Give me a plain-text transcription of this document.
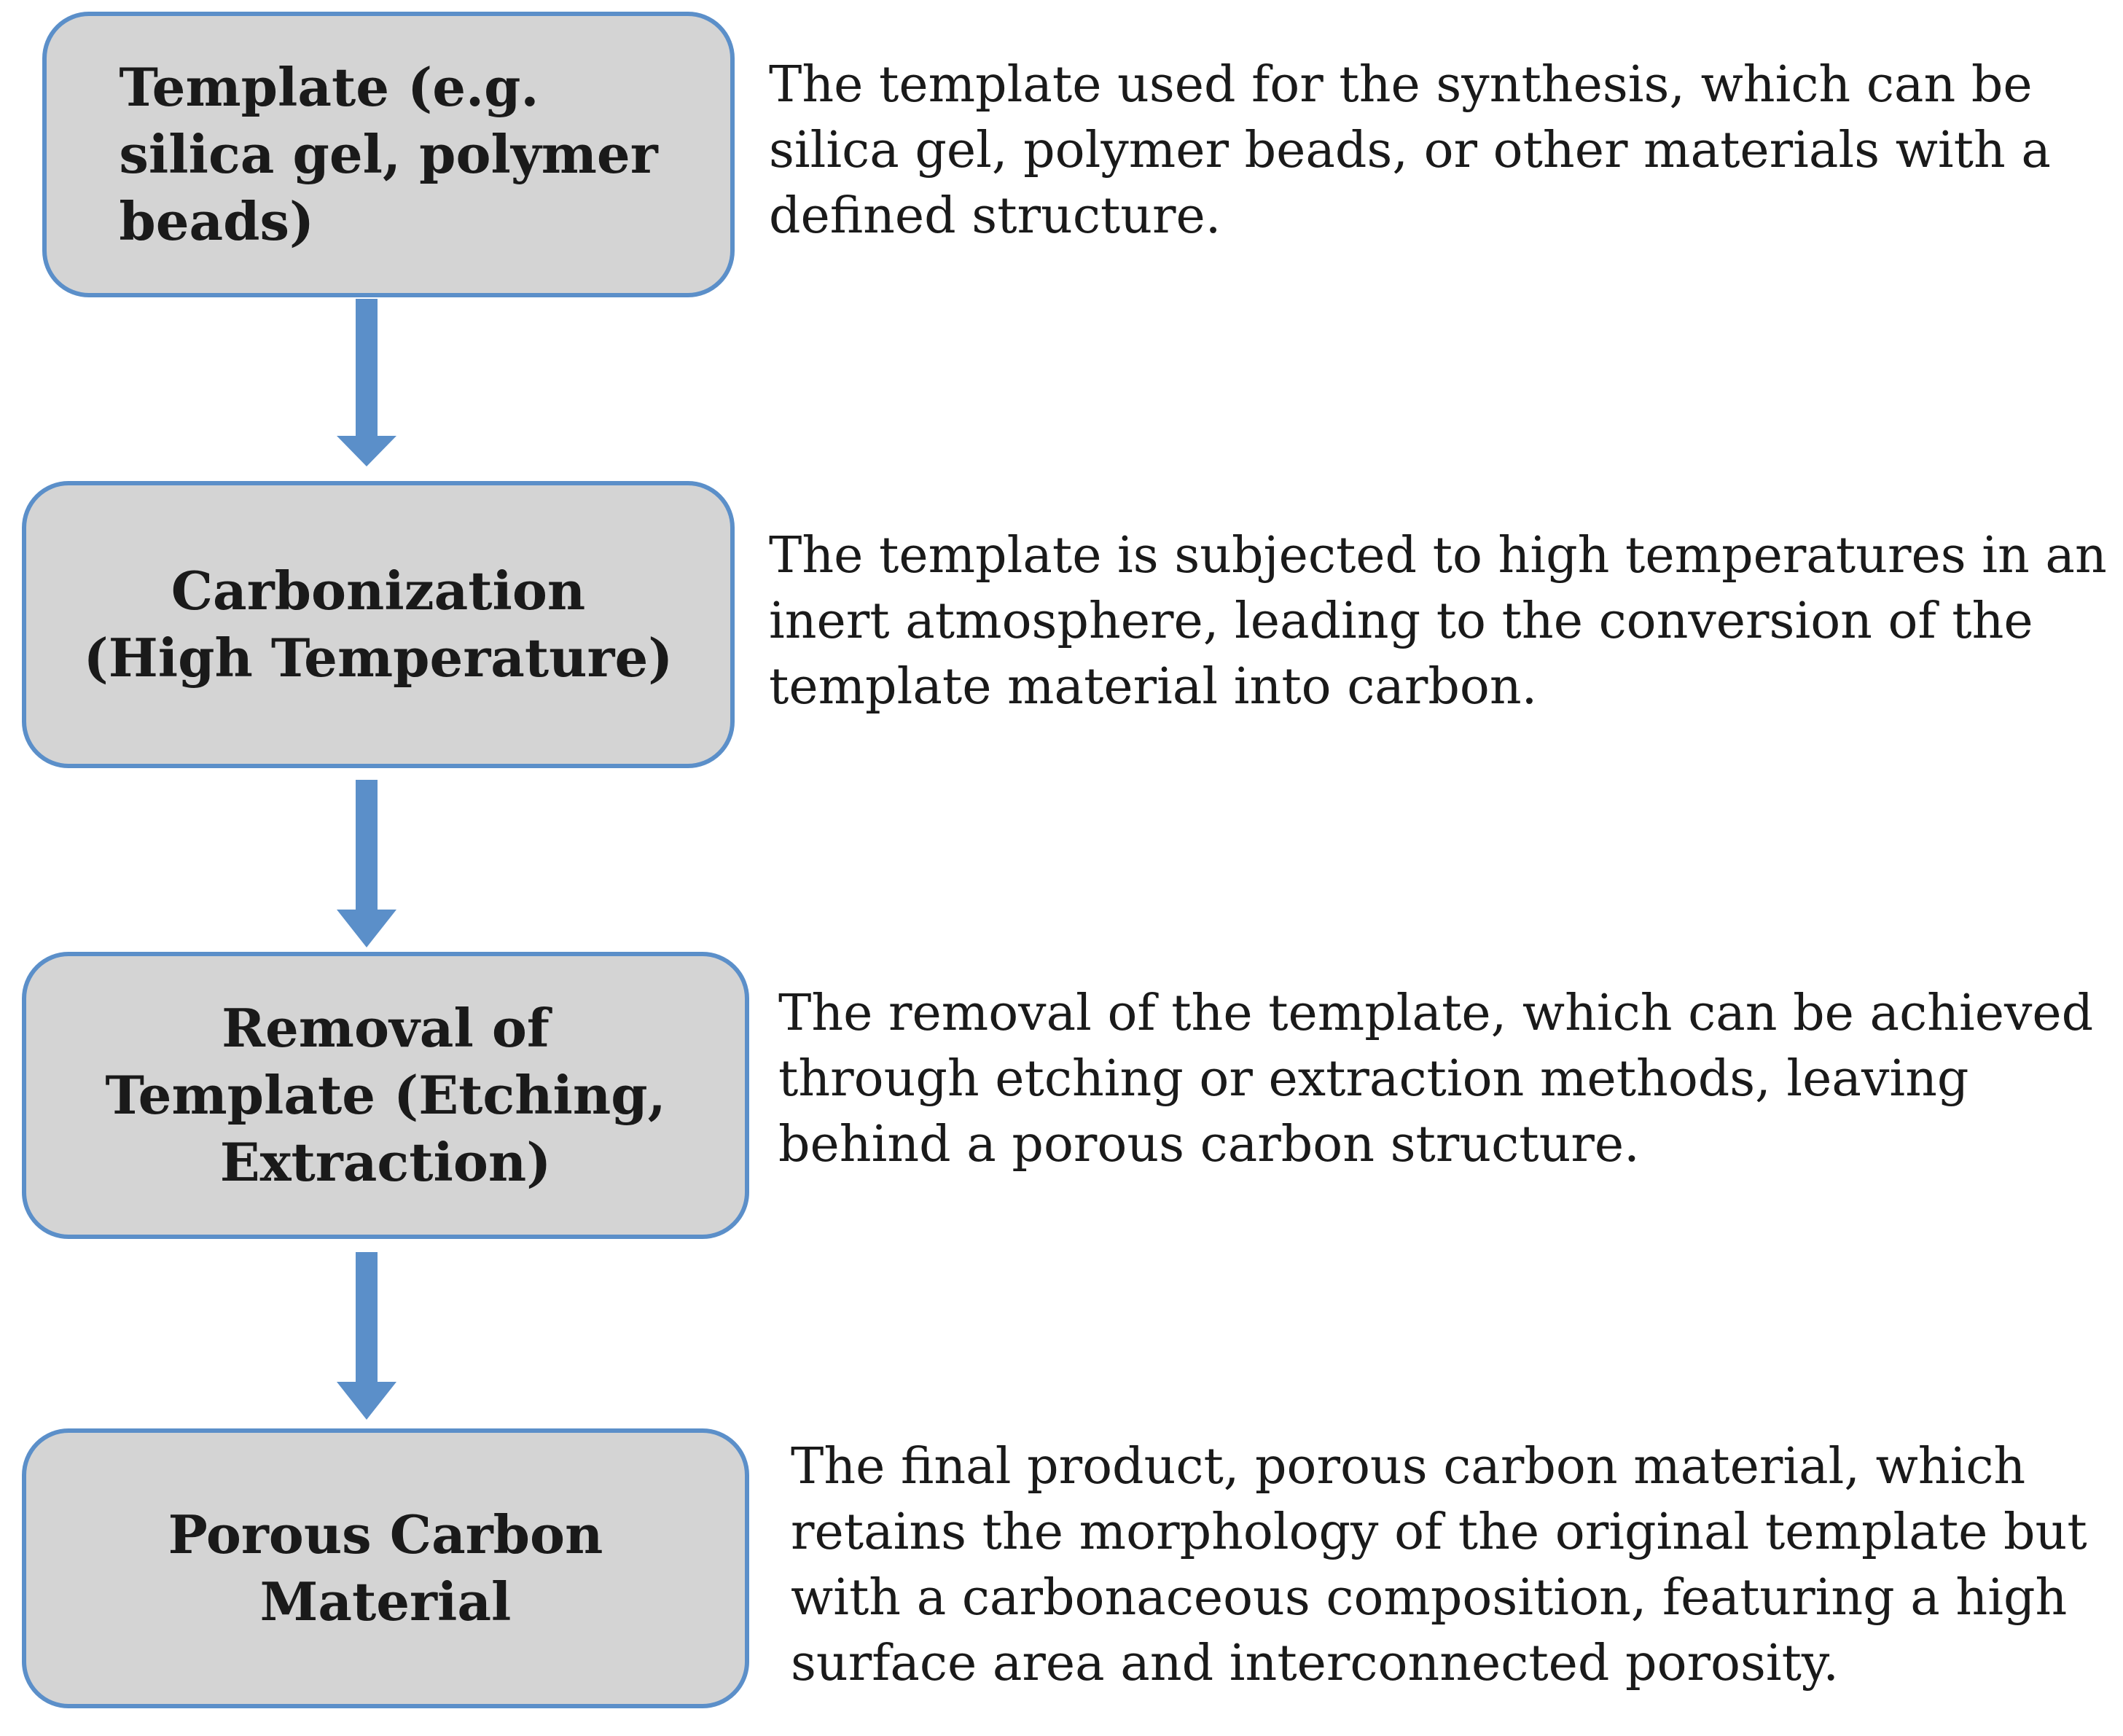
Template (e.g.
silica gel, polymer
beads)
Carbonization
(High Temperature)
Removal of
Template (Etching,
Extraction)
Porous Carbon
Material

The template used for the synthesis, which can be
silica gel, polymer beads, or other materials with a
defined structure.

The template is subjected to high temperatures in an
inert atmosphere, leading to the conversion of the
template material into carbon.

The removal of the template, which can be achieved
through etching or extraction methods, leaving
behind a porous carbon structure.

The final product, porous carbon material, which
retains the morphology of the original template but
with a carbonaceous composition, featuring a high
surface area and interconnected porosity.
